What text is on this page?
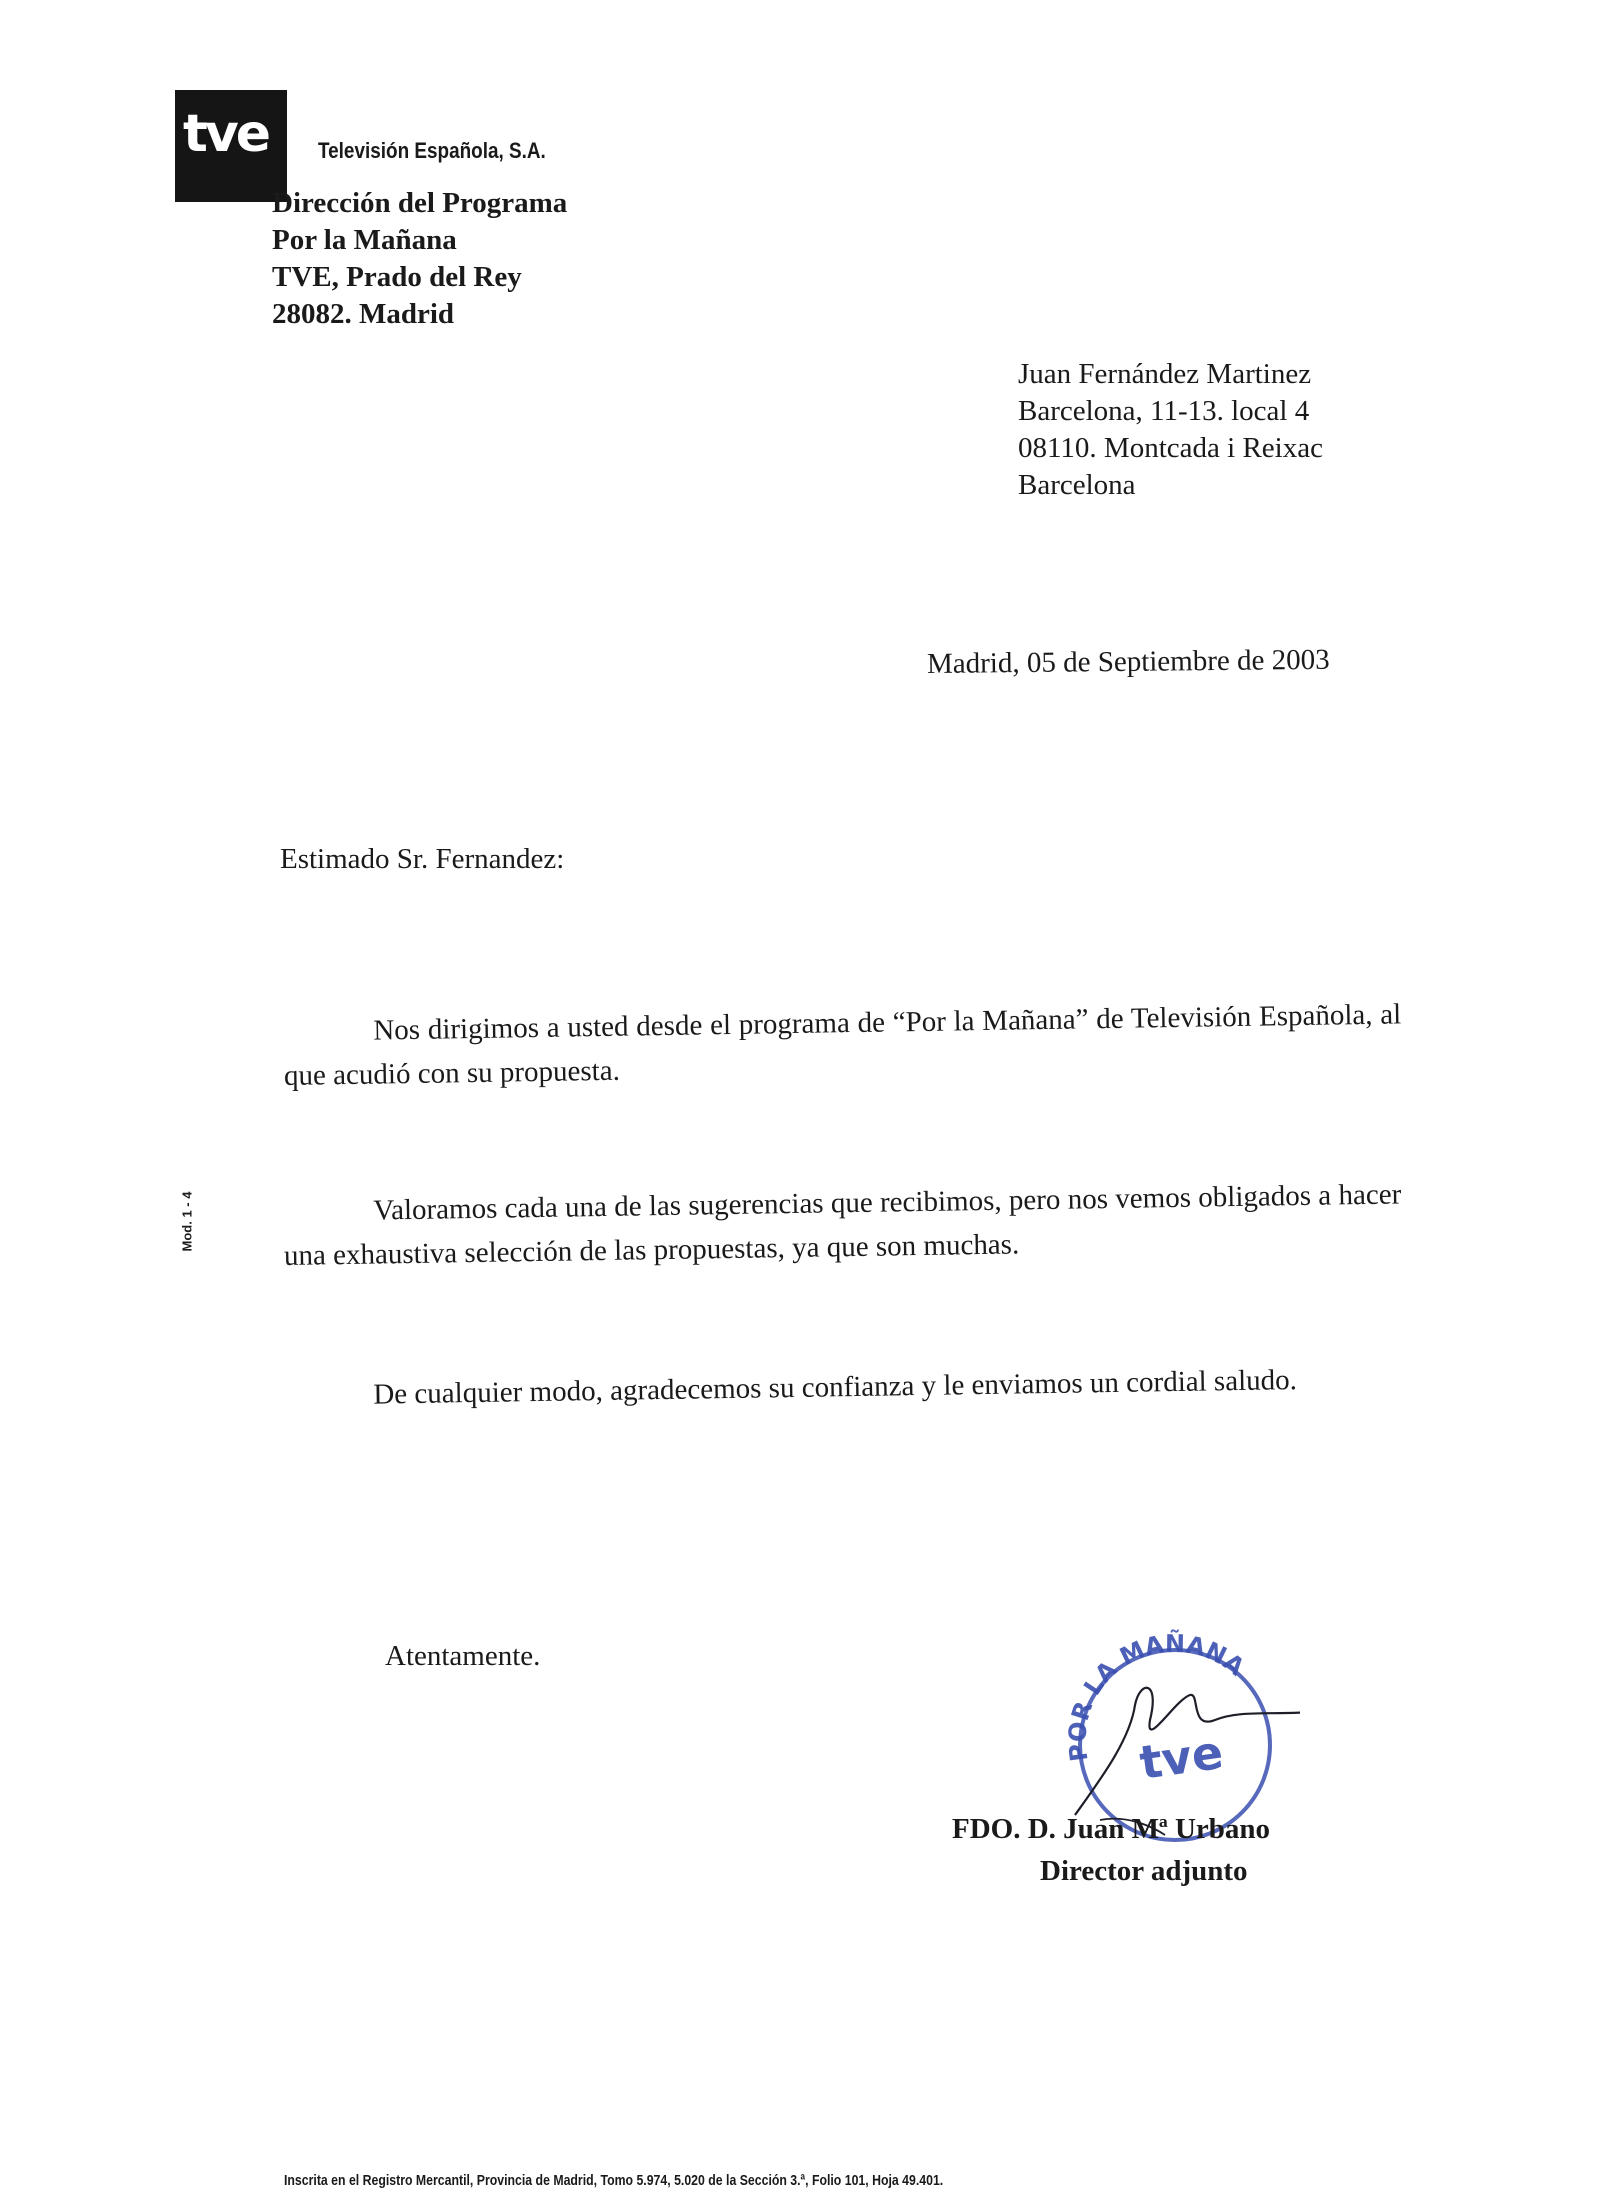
tve	Televisión Española, S.A.
Dirección del Programa
Por la Mañana
TVE, Prado del Rey
28082. Madrid
Juan Fernández Martinez
Barcelona, 11-13. local 4
08110. Montcada i Reixac
Barcelona
Madrid, 05 de Septiembre de 2003
Estimado Sr. Fernandez:
Nos dirigimos a usted desde el programa de “Por la Mañana” de Televisión Española, al que acudió con su propuesta.
Valoramos cada una de las sugerencias que recibimos, pero nos vemos obligados a hacer una exhaustiva selección de las propuestas, ya que son muchas.
De cualquier modo, agradecemos su confianza y le enviamos un cordial saludo.
Mod. 1 - 4
Atentamente.
POR LA MAÑANA
tve
FDO. D. Juan Mª Urbano
Director adjunto
Inscrita en el Registro Mercantil, Provincia de Madrid, Tomo 5.974, 5.020 de la Sección 3.ª, Folio 101, Hoja 49.401.
